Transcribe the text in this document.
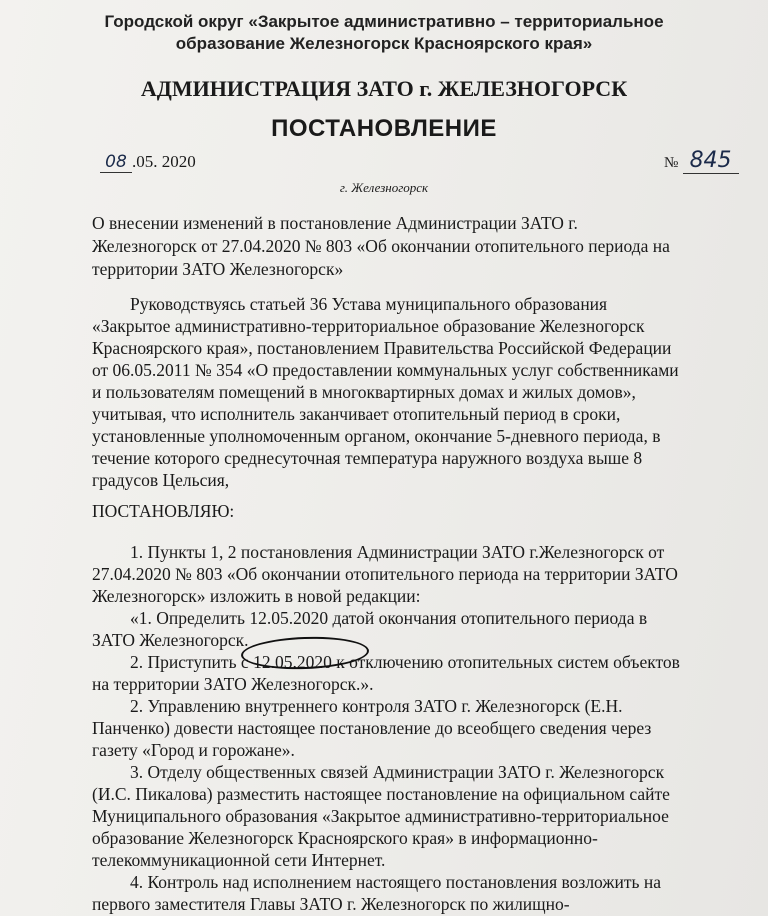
Городской округ «Закрытое административно – территориальное
образование Железногорск Красноярского края»
АДМИНИСТРАЦИЯ ЗАТО г. ЖЕЛЕЗНОГОРСК
ПОСТАНОВЛЕНИЕ
08 .05. 2020	№ 845
г. Железногорск
О внесении изменений в постановление Администрации ЗАТО г.
Железногорск от 27.04.2020 № 803 «Об окончании отопительного периода на
территории ЗАТО Железногорск»
Руководствуясь статьей 36 Устава муниципального образования
«Закрытое административно-территориальное образование Железногорск
Красноярского края», постановлением Правительства Российской Федерации
от 06.05.2011 № 354 «О предоставлении коммунальных услуг собственниками
и пользователям помещений в многоквартирных домах и жилых домов»,
учитывая, что исполнитель заканчивает отопительный период в сроки,
установленные уполномоченным органом, окончание 5-дневного периода, в
течение которого среднесуточная температура наружного воздуха выше 8
градусов Цельсия,
ПОСТАНОВЛЯЮ:
1. Пункты 1, 2 постановления Администрации ЗАТО г.Железногорск от
27.04.2020 № 803 «Об окончании отопительного периода на территории ЗАТО
Железногорск» изложить в новой редакции:
«1. Определить 12.05.2020 датой окончания отопительного периода в
ЗАТО Железногорск.
2. Приступить с 12.05.2020 к отключению отопительных систем объектов
на территории ЗАТО Железногорск.».
2. Управлению внутреннего контроля ЗАТО г. Железногорск (Е.Н.
Панченко) довести настоящее постановление до всеобщего сведения через
газету «Город и горожане».
3. Отделу общественных связей Администрации ЗАТО г. Железногорск
(И.С. Пикалова) разместить настоящее постановление на официальном сайте
Муниципального образования «Закрытое административно-территориальное
образование Железногорск Красноярского края» в информационно-
телекоммуникационной сети Интернет.
4. Контроль над исполнением настоящего постановления возложить на
первого заместителя Главы ЗАТО г. Железногорск по жилищно-
